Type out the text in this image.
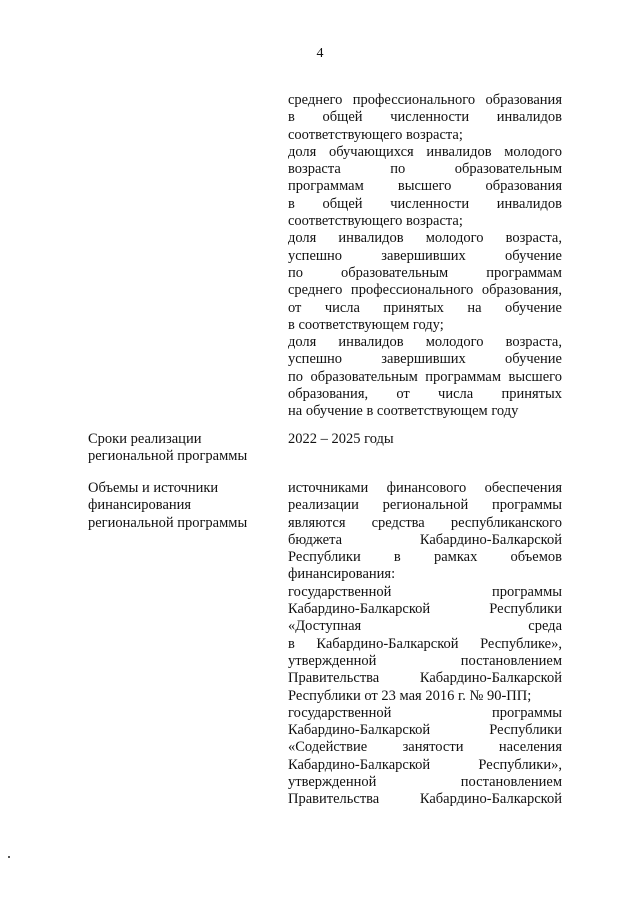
4
среднего профессионального образования
в общей численности инвалидов
соответствующего возраста;
доля обучающихся инвалидов молодого
возраста по образовательным
программам высшего образования
в общей численности инвалидов
соответствующего возраста;
доля инвалидов молодого возраста,
успешно завершивших обучение
по образовательным программам
среднего профессионального образования,
от числа принятых на обучение
в соответствующем году;
доля инвалидов молодого возраста,
успешно завершивших обучение
по образовательным программам высшего
образования, от числа принятых
на обучение в соответствующем году
Сроки реализации
региональной программы
2022 – 2025 годы
Объемы и источники
финансирования
региональной программы
источниками финансового обеспечения
реализации региональной программы
являются средства республиканского
бюджета Кабардино-Балкарской
Республики в рамках объемов
финансирования:
государственной программы
Кабардино-Балкарской Республики
«Доступная среда
в Кабардино-Балкарской Республике»,
утвержденной постановлением
Правительства Кабардино-Балкарской
Республики от 23 мая 2016 г. № 90-ПП;
государственной программы
Кабардино-Балкарской Республики
«Содействие занятости населения
Кабардино-Балкарской Республики»,
утвержденной постановлением
Правительства Кабардино-Балкарской
